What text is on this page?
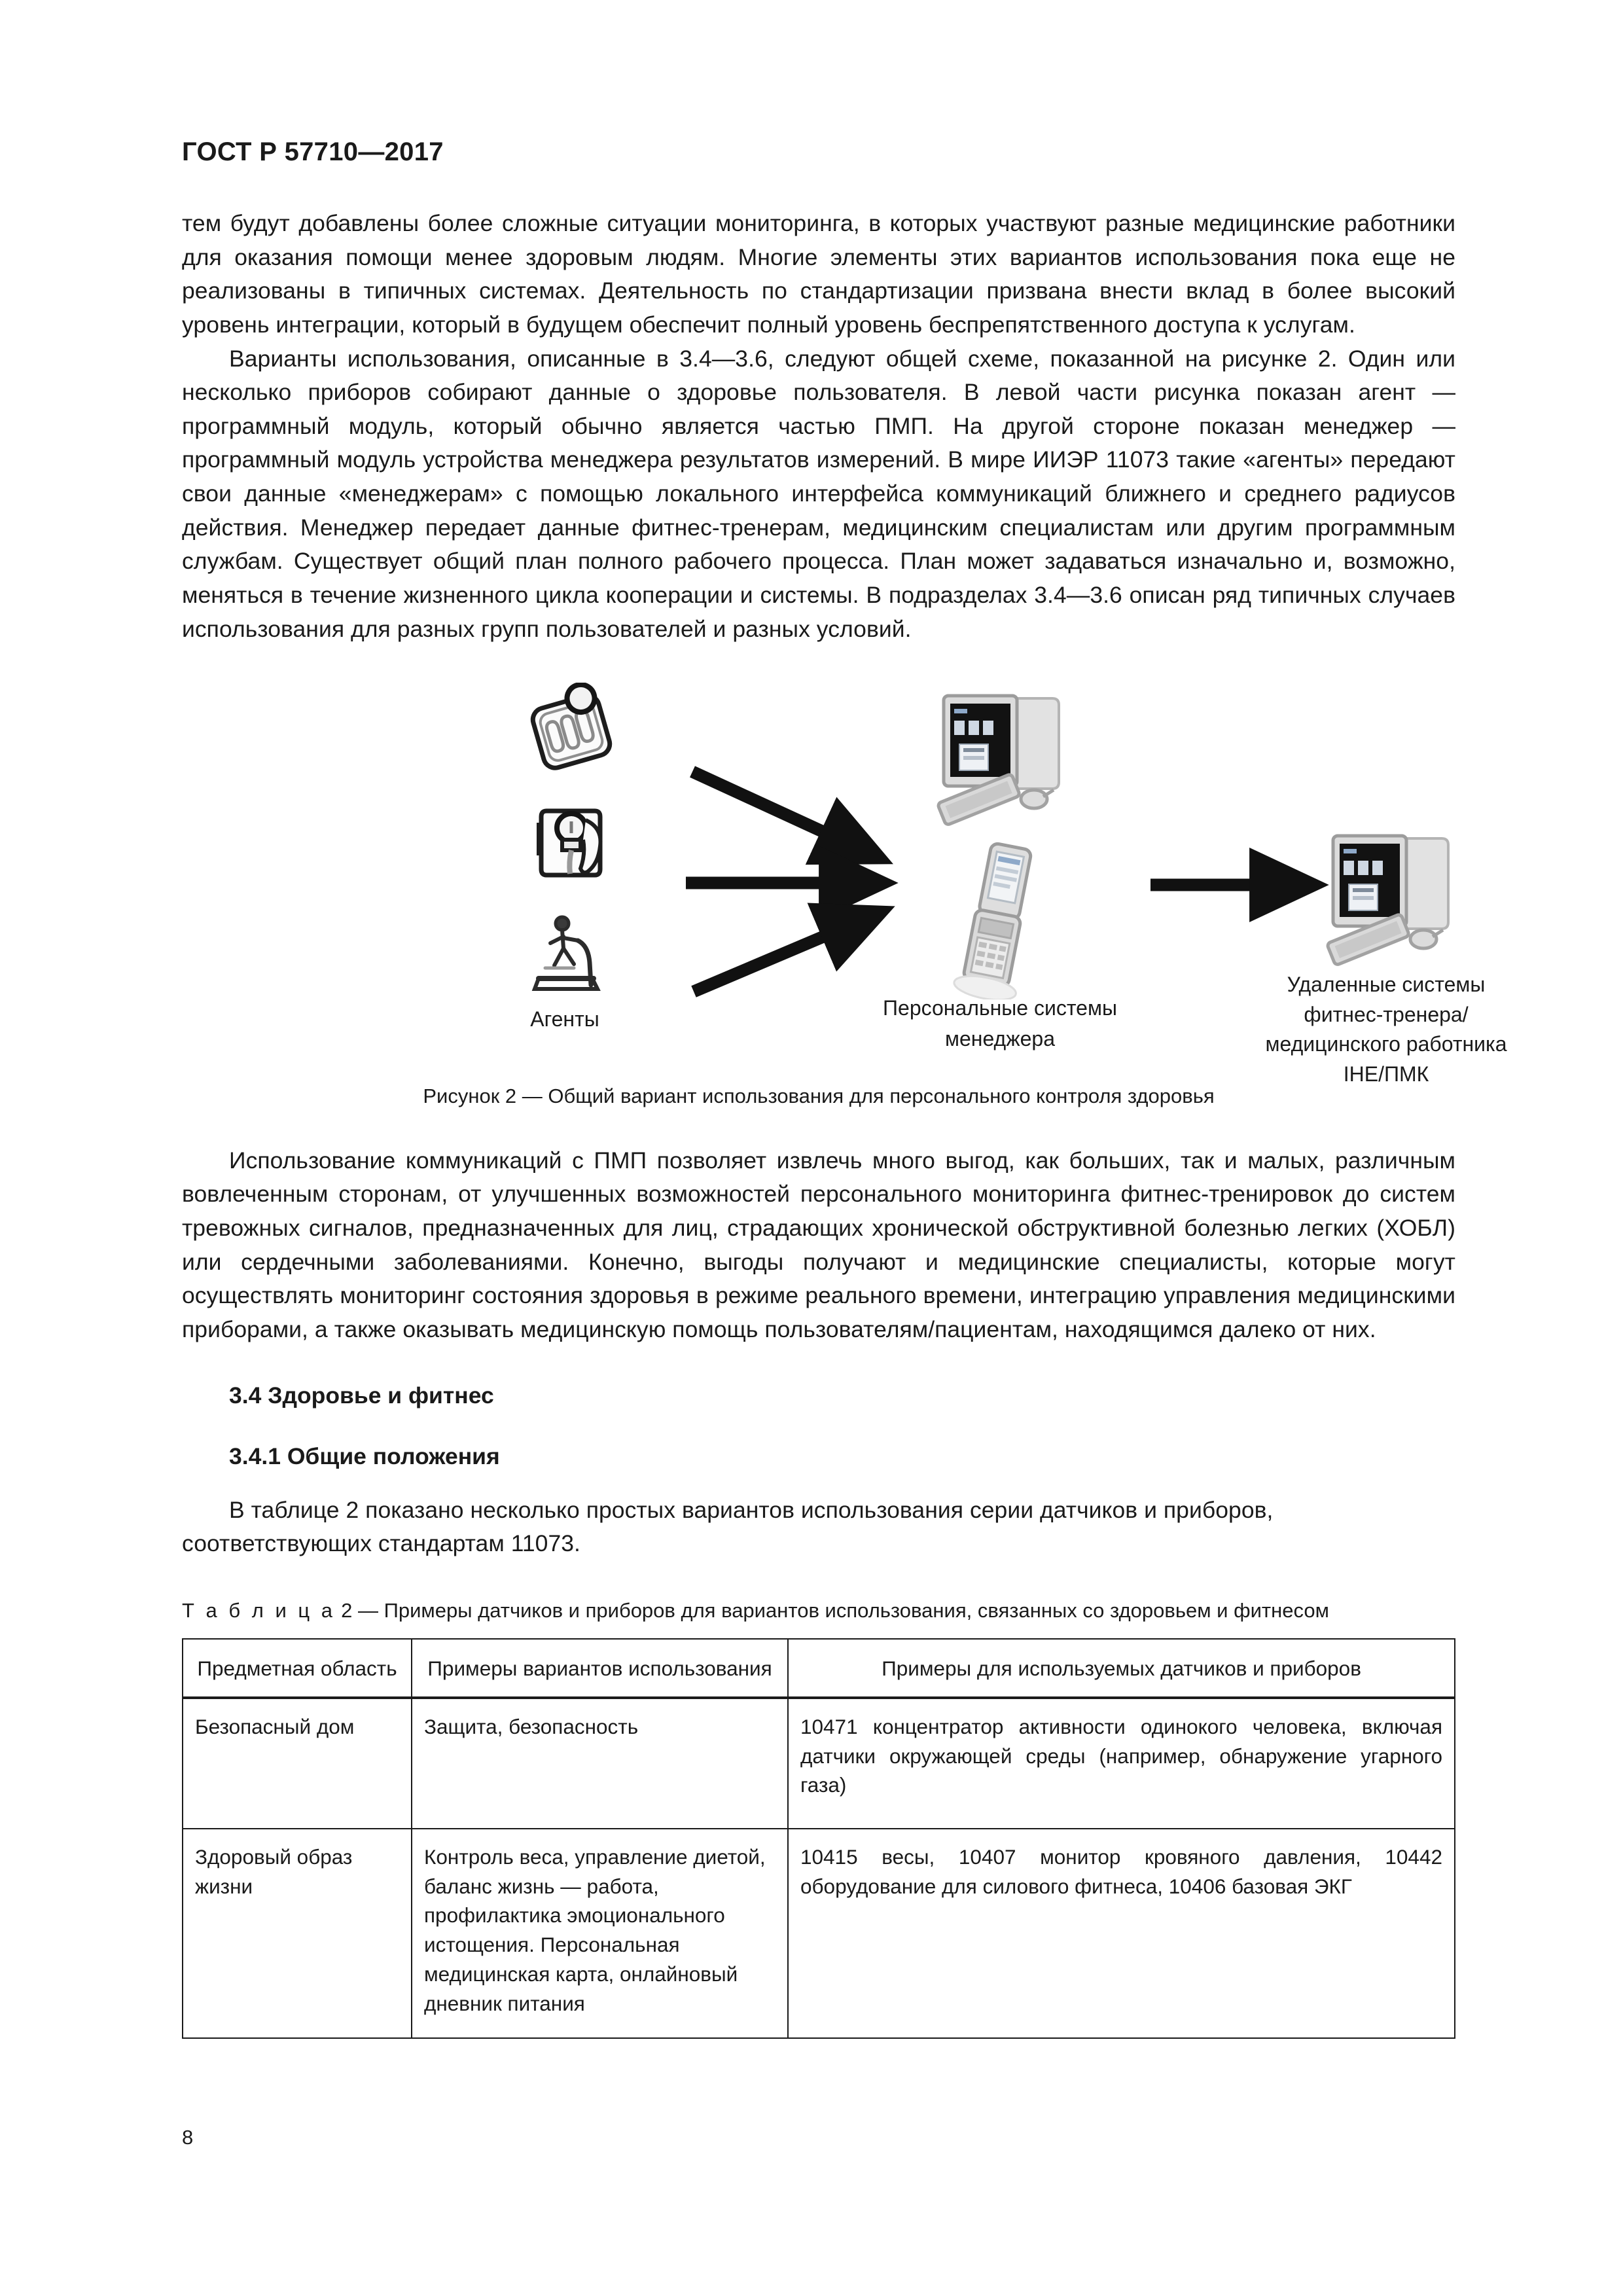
ГОСТ Р 57710—2017

тем будут добавлены более сложные ситуации мониторинга, в которых участвуют разные медицинские работники для оказания помощи менее здоровым людям. Многие элементы этих вариантов использования пока еще не реализованы в типичных системах. Деятельность по стандартизации призвана внести вклад в более высокий уровень интеграции, который в будущем обеспечит полный уровень беспрепятственного доступа к услугам.

Варианты использования, описанные в 3.4—3.6, следуют общей схеме, показанной на рисунке 2. Один или несколько приборов собирают данные о здоровье пользователя. В левой части рисунка показан агент — программный модуль, который обычно является частью ПМП. На другой стороне показан менеджер — программный модуль устройства менеджера результатов измерений. В мире ИИЭР 11073 такие «агенты» передают свои данные «менеджерам» с помощью локального интерфейса коммуникаций ближнего и среднего радиусов действия. Менеджер передает данные фитнес-тренерам, медицинским специалистам или другим программным службам. Существует общий план полного рабочего процесса. План может задаваться изначально и, возможно, меняться в течение жизненного цикла кооперации и системы. В подразделах 3.4—3.6 описан ряд типичных случаев использования для разных групп пользователей и разных условий.

Агенты	Персональные системы
менеджера
Удаленные системы
фитнес-тренера/
медицинского работника
IHE/ПМК
Рисунок 2 — Общий вариант использования для персонального контроля здоровья

Использование коммуникаций с ПМП позволяет извлечь много выгод, как больших, так и малых, различным вовлеченным сторонам, от улучшенных возможностей персонального мониторинга фитнес-тренировок до систем тревожных сигналов, предназначенных для лиц, страдающих хронической обструктивной болезнью легких (ХОБЛ) или сердечными заболеваниями. Конечно, выгоды получают и медицинские специалисты, которые могут осуществлять мониторинг состояния здоровья в режиме реального времени, интеграцию управления медицинскими приборами, а также оказывать медицинскую помощь пользователям/пациентам, находящимся далеко от них.

3.4 Здоровье и фитнес
3.4.1 Общие положения

В таблице 2 показано несколько простых вариантов использования серии датчиков и приборов, соответствующих стандартам 11073.

Т а б л и ц а 2 — Примеры датчиков и приборов для вариантов использования, связанных со здоровьем и фитнесом
Предметная область	Примеры вариантов использования	Примеры для используемых датчиков и приборов
Безопасный дом	Защита, безопасность	10471 концентратор активности одинокого человека, включая датчики окружающей среды (например, обнаружение угарного газа)
Здоровый образ жизни	Контроль веса, управление диетой, баланс жизнь — работа, профилактика эмоционального истощения. Персональная медицинская карта, онлайновый дневник питания	10415 весы, 10407 монитор кровяного давления, 10442 оборудование для силового фитнеса, 10406 базовая ЭКГ
8
